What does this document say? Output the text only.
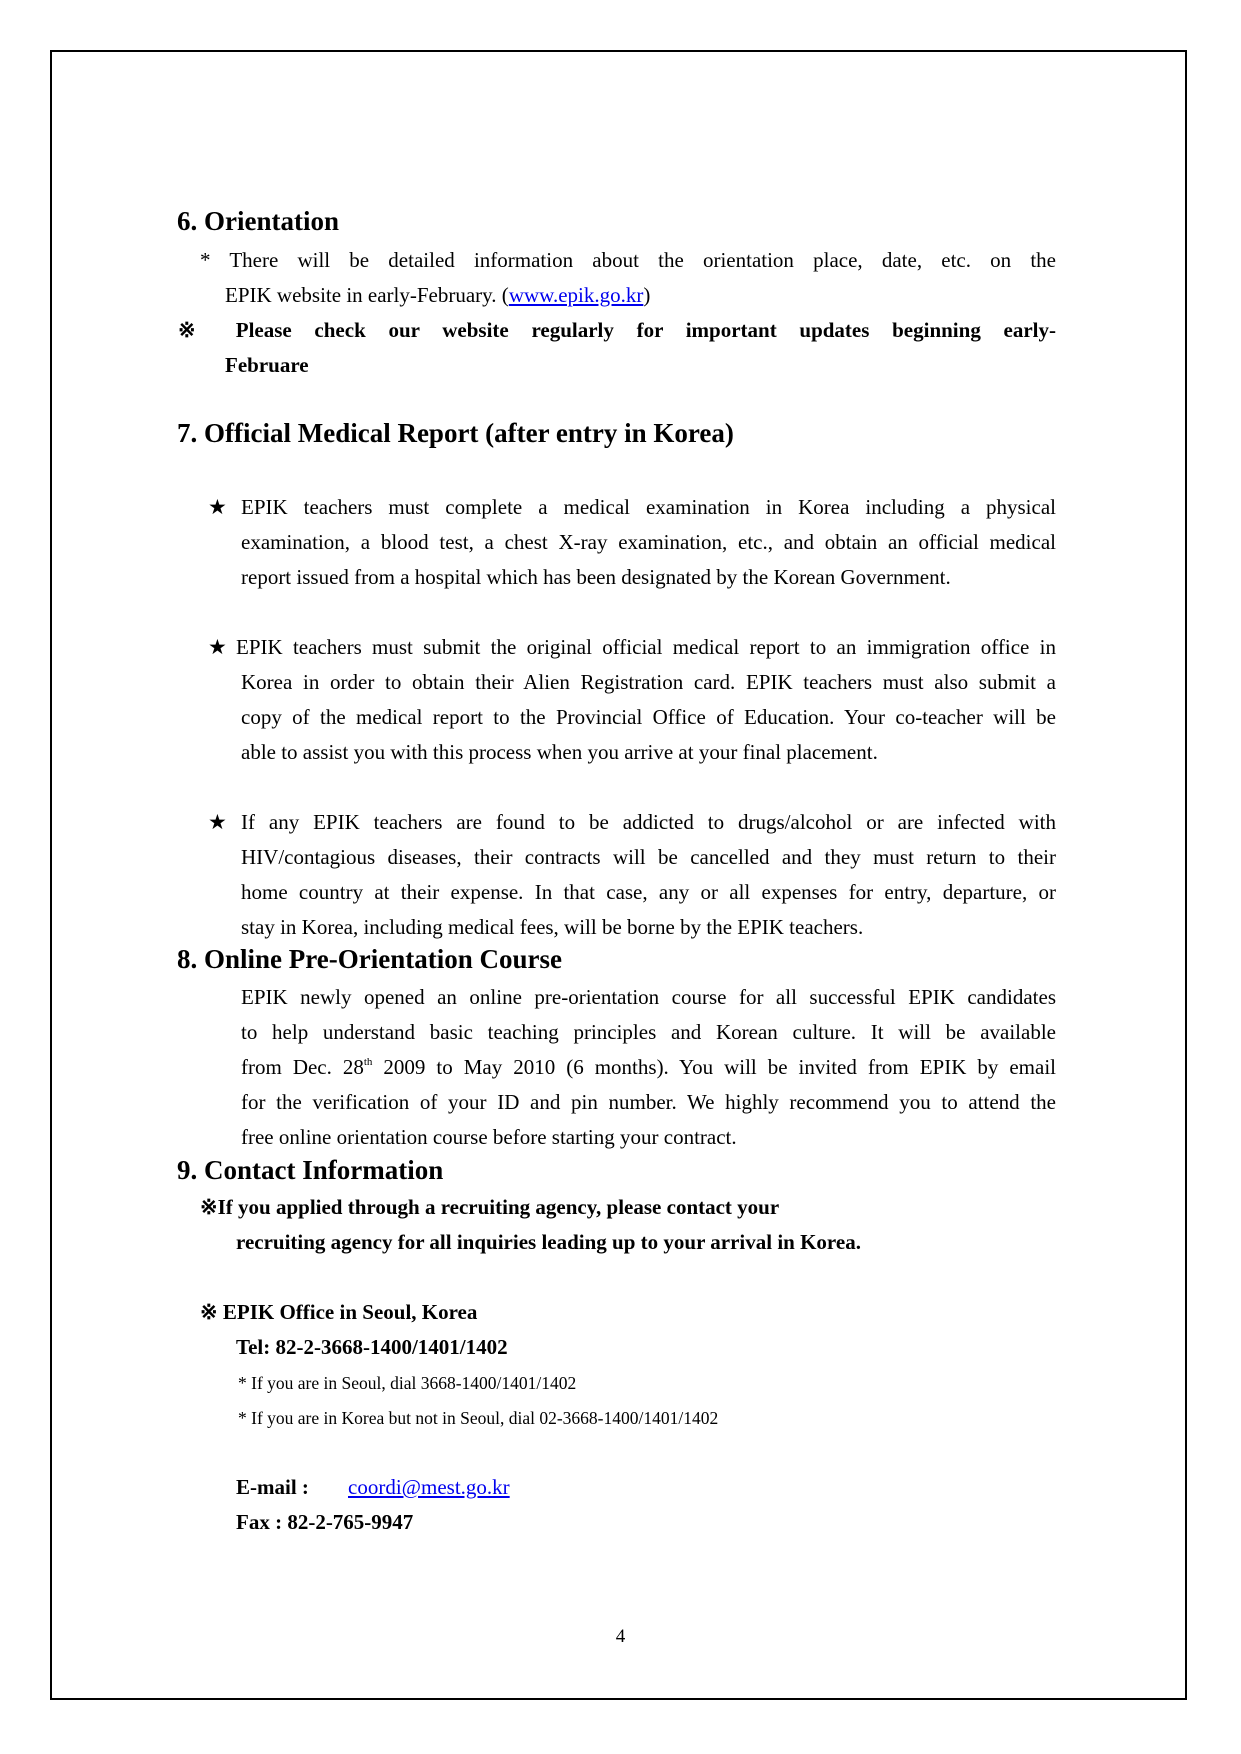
6. Orientation
* There will be detailed information about the orientation place, date, etc. on the
EPIK website in early-February. (www.epik.go.kr)
※ Please check our website regularly for important updates beginning early-
Februare
7. Official Medical Report (after entry in Korea)
★ EPIK teachers must complete a medical examination in Korea including a physical
examination, a blood test, a chest X-ray examination, etc., and obtain an official medical
report issued from a hospital which has been designated by the Korean Government.
★ EPIK teachers must submit the original official medical report to an immigration office in
Korea in order to obtain their Alien Registration card. EPIK teachers must also submit a
copy of the medical report to the Provincial Office of Education. Your co-teacher will be
able to assist you with this process when you arrive at your final placement.
★ If any EPIK teachers are found to be addicted to drugs/alcohol or are infected with
HIV/contagious diseases, their contracts will be cancelled and they must return to their
home country at their expense. In that case, any or all expenses for entry, departure, or
stay in Korea, including medical fees, will be borne by the EPIK teachers.
8. Online Pre-Orientation Course
EPIK newly opened an online pre-orientation course for all successful EPIK candidates
to help understand basic teaching principles and Korean culture. It will be available
from Dec. 28th 2009 to May 2010 (6 months). You will be invited from EPIK by email
for the verification of your ID and pin number. We highly recommend you to attend the
free online orientation course before starting your contract.
9. Contact Information
※If you applied through a recruiting agency, please contact your
recruiting agency for all inquiries leading up to your arrival in Korea.
※ EPIK Office in Seoul, Korea
Tel: 82-2-3668-1400/1401/1402
* If you are in Seoul, dial 3668-1400/1401/1402
* If you are in Korea but not in Seoul, dial 02-3668-1400/1401/1402
E-mail : coordi@mest.go.kr
Fax : 82-2-765-9947
4
